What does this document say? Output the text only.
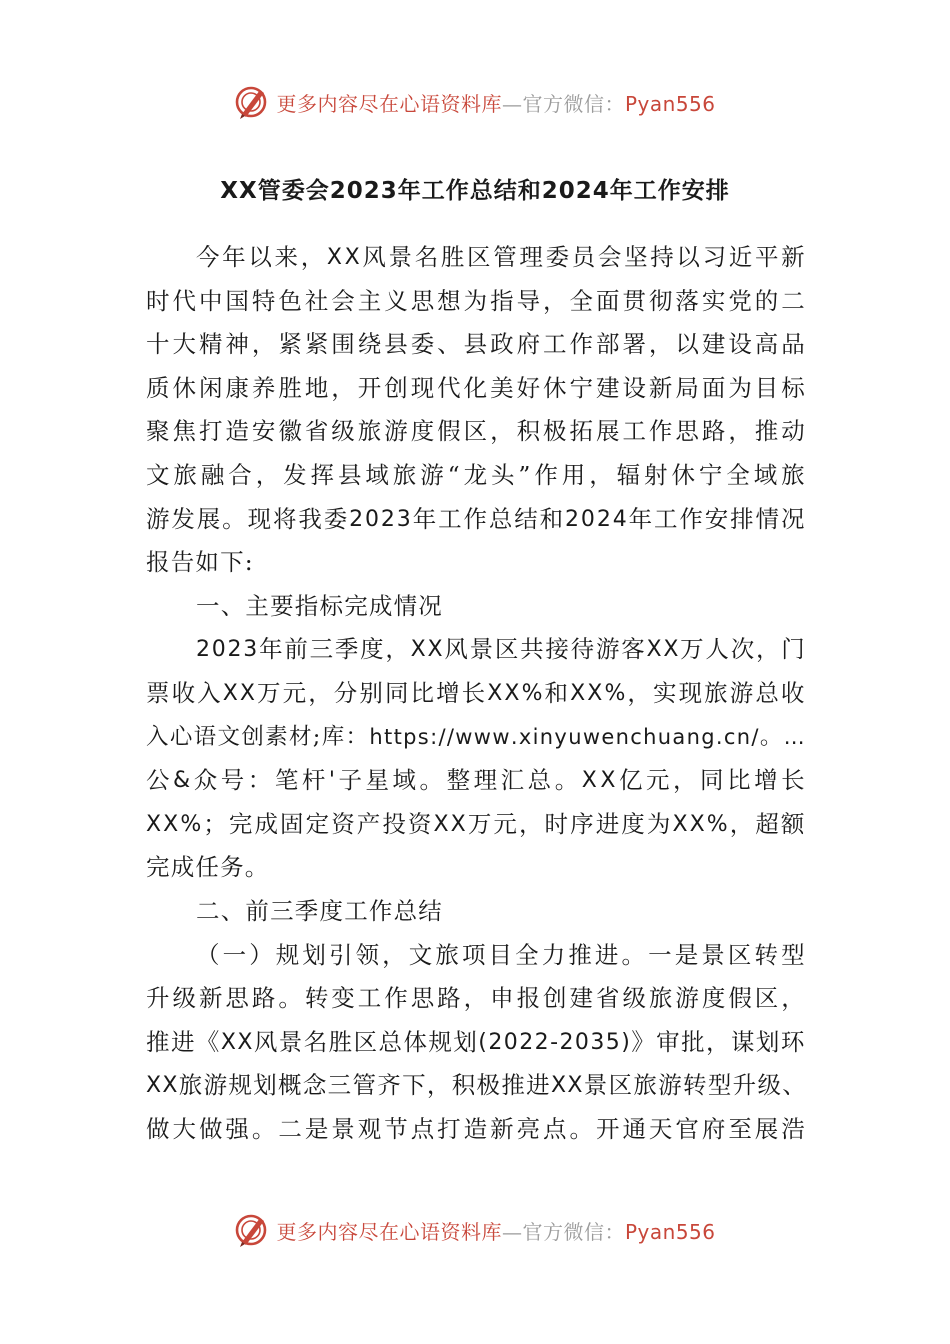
更多内容尽在心语资料库—官方微信：Pyan556
XX管委会2023年工作总结和2024年工作安排
今 年 以 来 ， X X 风 景 名 胜 区 管 理 委 员 会 坚 持 以 习 近 平 新
时 代 中 国 特 色 社 会 主 义 思 想 为 指 导 ， 全 面 贯 彻 落 实 党 的 二
十 大 精 神 ， 紧 紧 围 绕 县 委 、 县 政 府 工 作 部 署 ， 以 建 设 高 品
质 休 闲 康 养 胜 地 ， 开 创 现 代 化 美 好 休 宁 建 设 新 局 面 为 目 标
聚 焦 打 造 安 徽 省 级 旅 游 度 假 区 ， 积 极 拓 展 工 作 思 路 ， 推 动
文 旅 融 合 ， 发 挥 县 域 旅 游 “ 龙 头 ” 作 用 ， 辐 射 休 宁 全 域 旅
游 发 展 。 现 将 我 委 2 0 2 3 年 工 作 总 结 和 2 0 2 4 年 工 作 安 排 情 况
报告如下:
一、主要指标完成情况
2 0 2 3 年 前 三 季 度 ， X X 风 景 区 共 接 待 游 客 X X 万 人 次 ， 门
票 收 入 X X 万 元 ， 分 别 同 比 增 长 X X % 和 X X % ， 实 现 旅 游 总 收
入 心 语 文 创 素 材 ; 库 ： h t t p s : / / w w w . x i n y u w e n c h u a n g . c n / 。 …
公 & 众 号 ： 笔 杆 ' 子 星 域 。 整 理 汇 总 。 X X 亿 元 ， 同 比 增 长
X X % ； 完 成 固 定 资 产 投 资 X X 万 元 ， 时 序 进 度 为 X X % ， 超 额
完成任务。
二、前三季度工作总结
（ 一 ） 规 划 引 领 ， 文 旅 项 目 全 力 推 进 。 一 是 景 区 转 型
升 级 新 思 路 。 转 变 工 作 思 路 ， 申 报 创 建 省 级 旅 游 度 假 区 ，
推 进 《 X X 风 景 名 胜 区 总 体 规 划 ( 2 0 2 2 - 2 0 3 5 ) 》 审 批 ， 谋 划 环
X X 旅 游 规 划 概 念 三 管 齐 下 ， 积 极 推 进 X X 景 区 旅 游 转 型 升 级 、
做 大 做 强 。 二 是 景 观 节 点 打 造 新 亮 点 。 开 通 天 官 府 至 展 浩
更多内容尽在心语资料库—官方微信：Pyan556
